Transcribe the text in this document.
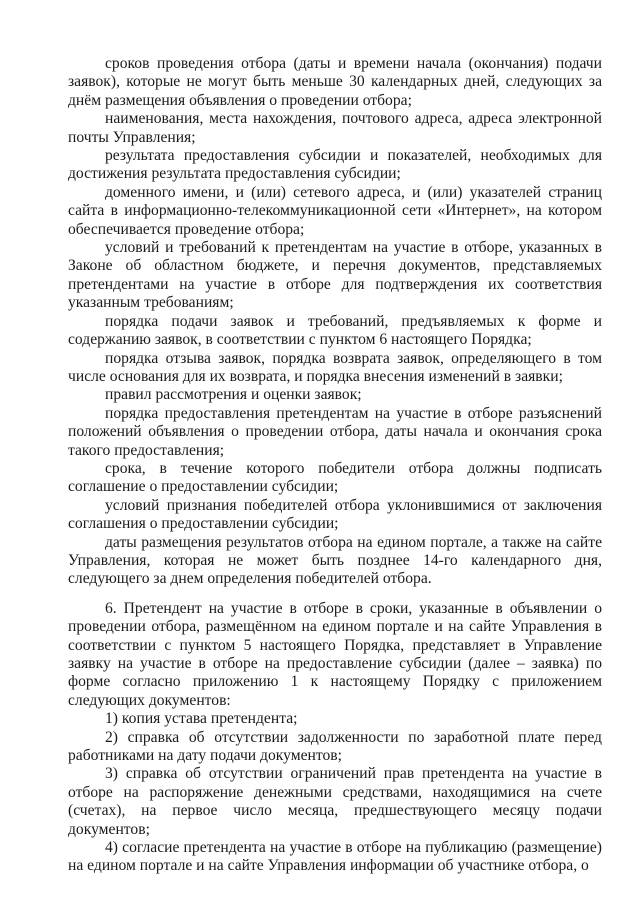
сроков проведения отбора (даты и времени начала (окончания) подачи заявок), которые не могут быть меньше 30 календарных дней, следующих за днём размещения объявления о проведении отбора;

наименования, места нахождения, почтового адреса, адреса электронной почты Управления;

результата предоставления субсидии и показателей, необходимых для достижения результата предоставления субсидии;

доменного имени, и (или) сетевого адреса, и (или) указателей страниц сайта в информационно-телекоммуникационной сети «Интернет», на котором обеспечивается проведение отбора;

условий и требований к претендентам на участие в отборе, указанных в Законе об областном бюджете, и перечня документов, представляемых претендентами на участие в отборе для подтверждения их соответствия указанным требованиям;

порядка подачи заявок и требований, предъявляемых к форме и содержанию заявок, в соответствии с пунктом 6 настоящего Порядка;

порядка отзыва заявок, порядка возврата заявок, определяющего в том числе основания для их возврата, и порядка внесения изменений в заявки;

правил рассмотрения и оценки заявок;

порядка предоставления претендентам на участие в отборе разъяснений положений объявления о проведении отбора, даты начала и окончания срока такого предоставления;

срока, в течение которого победители отбора должны подписать соглашение о предоставлении субсидии;

условий признания победителей отбора уклонившимися от заключения соглашения о предоставлении субсидии;

даты размещения результатов отбора на едином портале, а также на сайте Управления, которая не может быть позднее 14-го календарного дня, следующего за днем определения победителей отбора.

6. Претендент на участие в отборе в сроки, указанные в объявлении о проведении отбора, размещённом на едином портале и на сайте Управления в соответствии с пунктом 5 настоящего Порядка, представляет в Управление заявку на участие в отборе на предоставление субсидии (далее – заявка) по форме согласно приложению 1 к настоящему Порядку с приложением следующих документов:

1) копия устава претендента;

2) справка об отсутствии задолженности по заработной плате перед работниками на дату подачи документов;

3) справка об отсутствии ограничений прав претендента на участие в отборе на распоряжение денежными средствами, находящимися на счете (счетах), на первое число месяца, предшествующего месяцу подачи документов;

4) согласие претендента на участие в отборе на публикацию (размещение) на едином портале и на сайте Управления информации об участнике отбора, о
